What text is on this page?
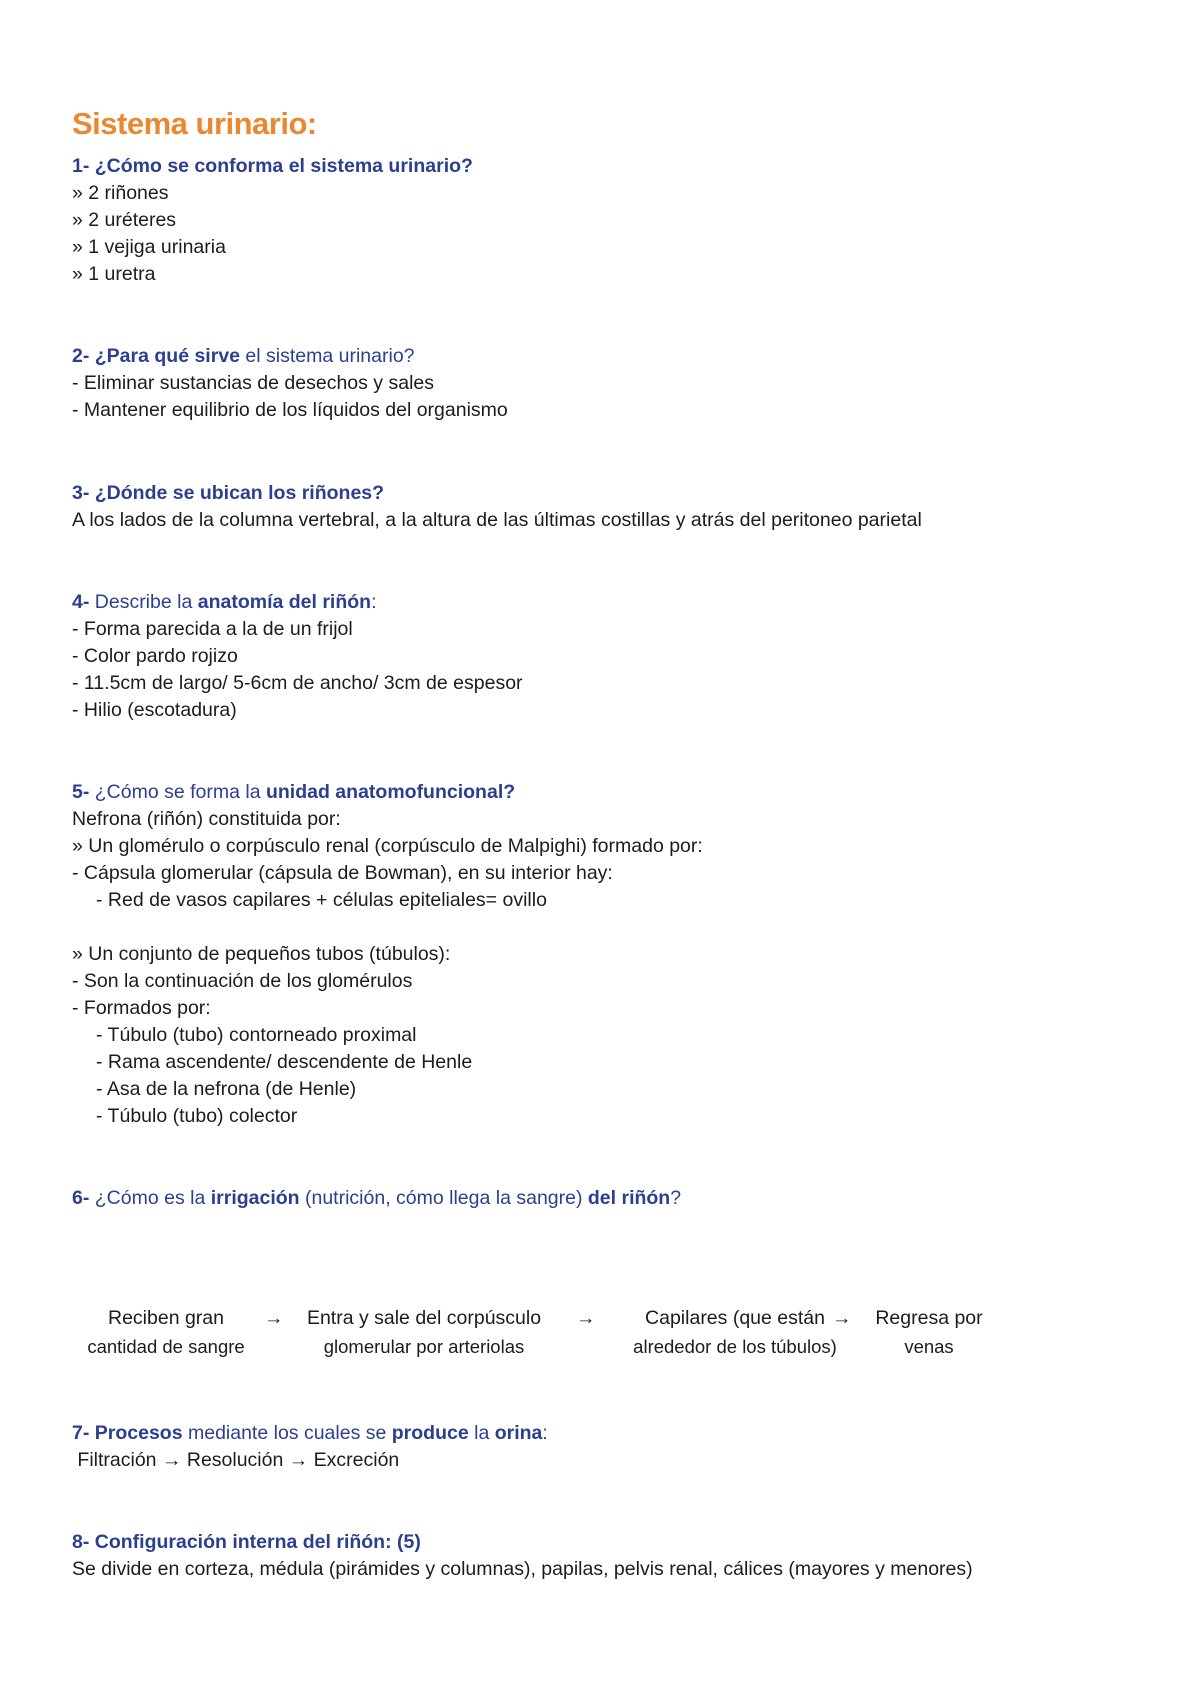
Sistema urinario:
1- ¿Cómo se conforma el sistema urinario?
» 2 riñones
» 2 uréteres
» 1 vejiga urinaria
» 1 uretra
2- ¿Para qué sirve el sistema urinario?
- Eliminar sustancias de desechos y sales
- Mantener equilibrio de los líquidos del organismo
3- ¿Dónde se ubican los riñones?
A los lados de la columna vertebral, a la altura de las últimas costillas y atrás del peritoneo parietal
4- Describe la anatomía del riñón:
- Forma parecida a la de un frijol
- Color pardo rojizo
- 11.5cm de largo/ 5-6cm de ancho/ 3cm de espesor
- Hilio (escotadura)
5- ¿Cómo se forma la unidad anatomofuncional?
Nefrona (riñón) constituida por:
» Un glomérulo o corpúsculo renal (corpúsculo de Malpighi) formado por:
- Cápsula glomerular (cápsula de Bowman), en su interior hay:
- Red de vasos capilares + células epiteliales= ovillo
» Un conjunto de pequeños tubos (túbulos):
- Son la continuación de los glomérulos
- Formados por:
- Túbulo (tubo) contorneado proximal
- Rama ascendente/ descendente de Henle
- Asa de la nefrona (de Henle)
- Túbulo (tubo) colector
6- ¿Cómo es la irrigación (nutrición, cómo llega la sangre) del riñón?
Reciben gran
cantidad de sangre
→	Entra y sale del corpúsculo
glomerular por arteriolas
→	Capilares (que están
alrededor de los túbulos)
→	Regresa por
venas
7- Procesos mediante los cuales se produce la orina:
Filtración → Resolución → Excreción
8- Configuración interna del riñón: (5)
Se divide en corteza, médula (pirámides y columnas), papilas, pelvis renal, cálices (mayores y menores)
